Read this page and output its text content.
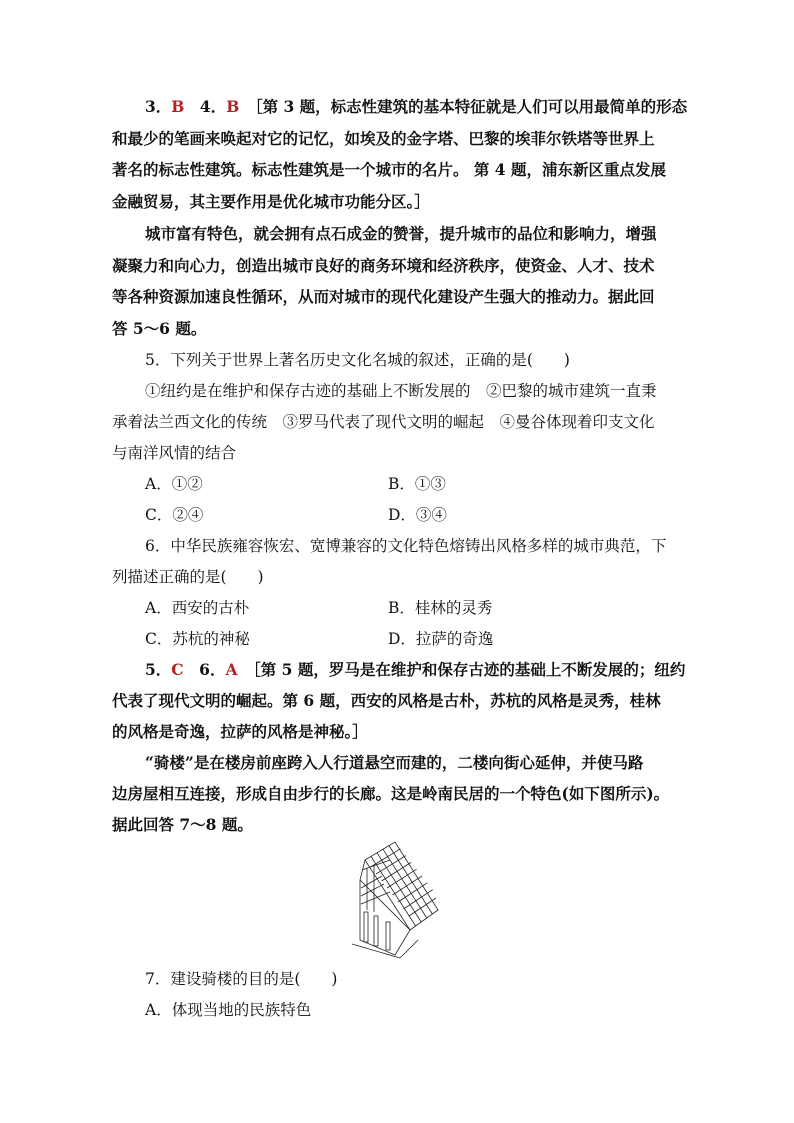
3．B　 4．B　 ［第 3 题，标志性建筑的基本特征就是人们可以用最简单的形态
和最少的笔画来唤起对它的记忆，如埃及的金字塔、巴黎的埃菲尔铁塔等世界上
著名的标志性建筑。标志性建筑是一个城市的名片。 第 4 题，浦东新区重点发展
金融贸易，其主要作用是优化城市功能分区。］
城市富有特色，就会拥有点石成金的赞誉，提升城市的品位和影响力，增强
凝聚力和向心力，创造出城市良好的商务环境和经济秩序，使资金、人才、技术
等各种资源加速良性循环，从而对城市的现代化建设产生强大的推动力。据此回
答 5～6 题。
5．下列关于世界上著名历史文化名城的叙述，正确的是(　　)
①纽约是在维护和保存古迹的基础上不断发展的　②巴黎的城市建筑一直秉
承着法兰西文化的传统　③罗马代表了现代文明的崛起　④曼谷体现着印支文化
与南洋风情的结合
A．①②	B．①③
C．②④	D．③④
6．中华民族雍容恢宏、宽博兼容的文化特色熔铸出风格多样的城市典范，下
列描述正确的是(　　)
A．西安的古朴	B．桂林的灵秀
C．苏杭的神秘	D．拉萨的奇逸
5．C　 6．A　 ［第 5 题，罗马是在维护和保存古迹的基础上不断发展的；纽约
代表了现代文明的崛起。第 6 题，西安的风格是古朴，苏杭的风格是灵秀，桂林
的风格是奇逸，拉萨的风格是神秘。］
“骑楼”是在楼房前座跨入人行道悬空而建的，二楼向街心延伸，并使马路
边房屋相互连接，形成自由步行的长廊。这是岭南民居的一个特色(如下图所示)。
据此回答 7～8 题。
7．建设骑楼的目的是(　　)
A．体现当地的民族特色
